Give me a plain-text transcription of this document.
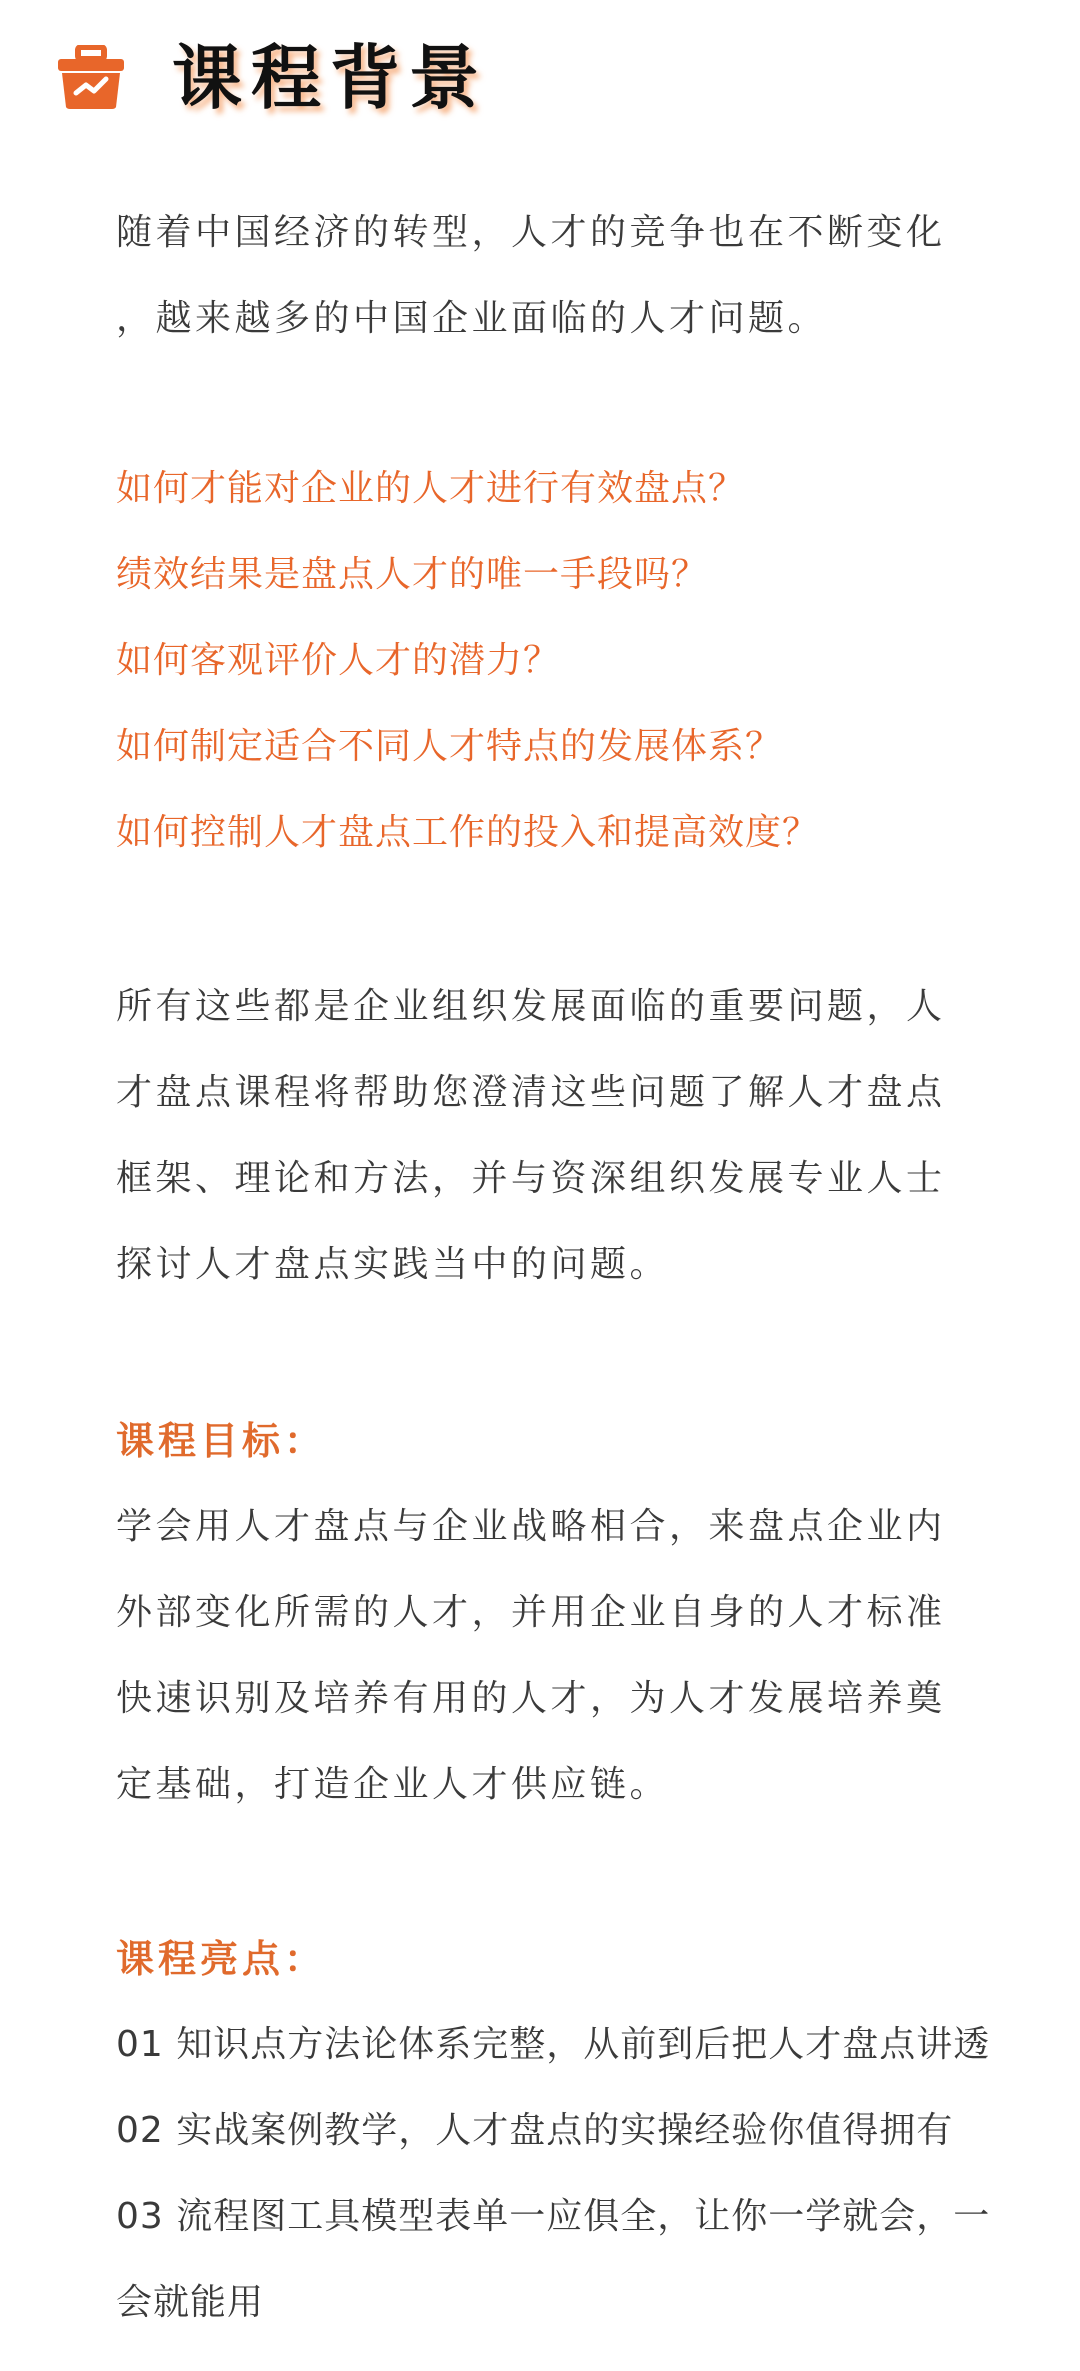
课程背景

随着中国经济的转型，人才的竞争也在不断变化
，越来越多的中国企业面临的人才问题。

如何才能对企业的人才进行有效盘点？
绩效结果是盘点人才的唯一手段吗？
如何客观评价人才的潜力？
如何制定适合不同人才特点的发展体系？
如何控制人才盘点工作的投入和提高效度？

所有这些都是企业组织发展面临的重要问题，人
才盘点课程将帮助您澄清这些问题了解人才盘点
框架、理论和方法，并与资深组织发展专业人士
探讨人才盘点实践当中的问题。

课程目标：

学会用人才盘点与企业战略相合，来盘点企业内
外部变化所需的人才，并用企业自身的人才标准
快速识别及培养有用的人才，为人才发展培养奠
定基础，打造企业人才供应链。

课程亮点：

01 知识点方法论体系完整，从前到后把人才盘点讲透
02 实战案例教学，人才盘点的实操经验你值得拥有
03 流程图工具模型表单一应俱全，让你一学就会，一
会就能用
